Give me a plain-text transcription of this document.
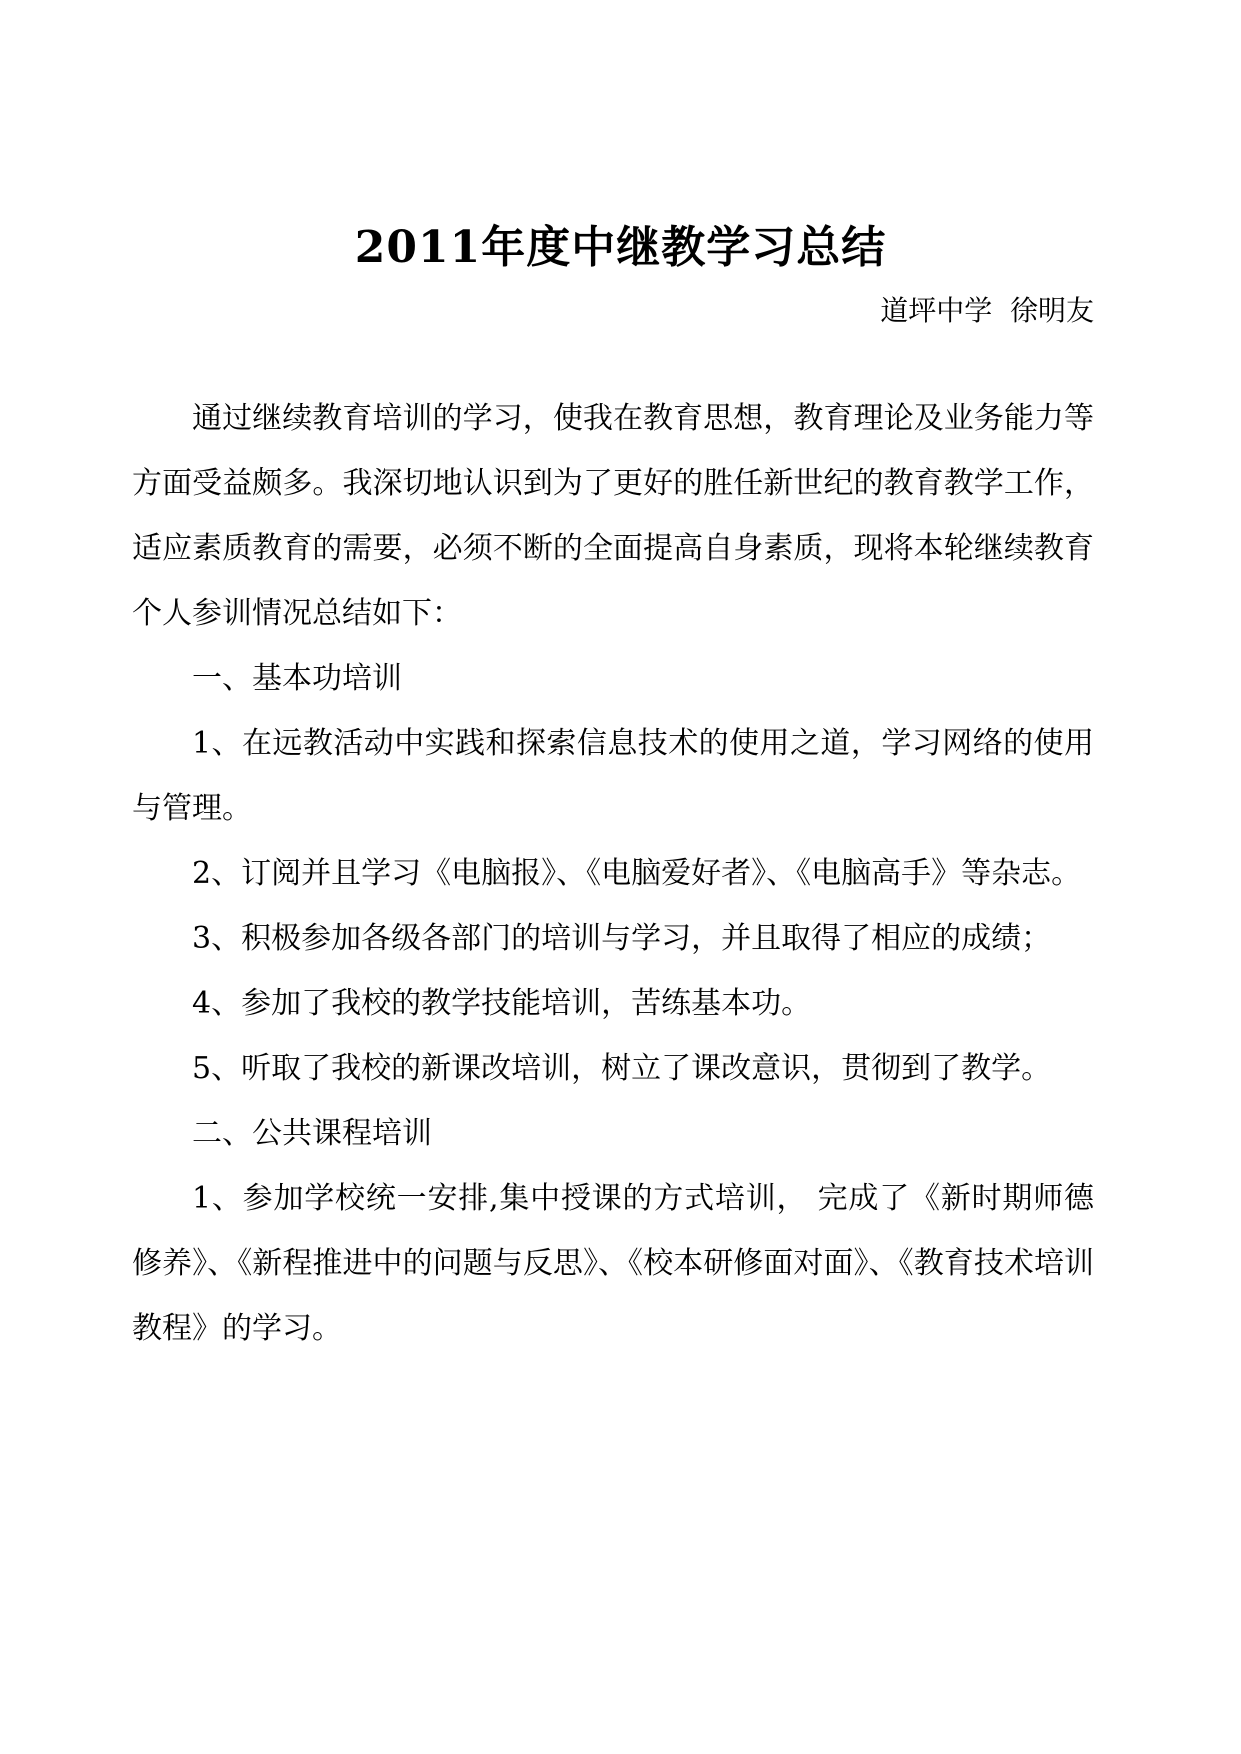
2011年度中继教学习总结
道坪中学  徐明友

通过继续教育培训的学习，使我在教育思想，教育理论及业务能力等方面受益颇多。我深切地认识到为了更好的胜任新世纪的教育教学工作，适应素质教育的需要，必须不断的全面提高自身素质，现将本轮继续教育个人参训情况总结如下：

一、基本功培训

1、在远教活动中实践和探索信息技术的使用之道，学习网络的使用与管理。

2、订阅并且学习《电脑报》、《电脑爱好者》、《电脑高手》等杂志。

3、积极参加各级各部门的培训与学习，并且取得了相应的成绩；

4、参加了我校的教学技能培训，苦练基本功。

5、听取了我校的新课改培训，树立了课改意识，贯彻到了教学。

二、公共课程培训

1、参加学校统一安排,集中授课的方式培训， 完成了《新时期师德修养》、《新程推进中的问题与反思》、《校本研修面对面》、《教育技术培训教程》的学习。
